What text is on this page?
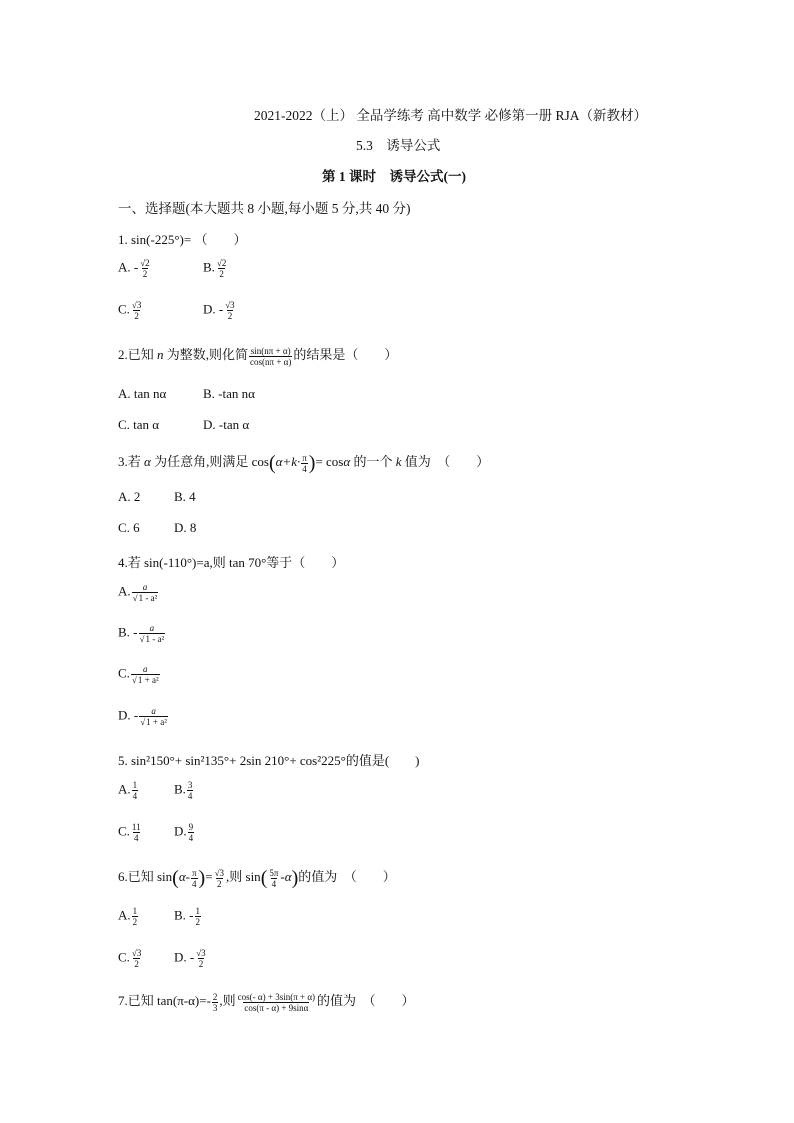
2021-2022（上） 全品学练考 高中数学 必修第一册 RJA（新教材）
5.3　诱导公式
第 1 课时　诱导公式(一)
一、选择题(本大题共 8 小题,每小题 5 分,共 40 分)
1. sin(-225°)= （　　）
A. - $\frac{√2}{2}$	B. $\frac{√2}{2}$
C. $\frac{√3}{2}$	D. - $\frac{√3}{2}$
2.已知 n 为整数,则化简 $\frac{\sin(n\pi + \alpha)}{\cos(n\pi + \alpha)}$ 的结果是（　　）
A. tan nα	B. -tan nα
C. tan α	D. -tan α
3.若 α 为任意角,则满足 $\cos(\alpha+k\cdot \frac{\pi}{4}$ )= cosα 的一个 k 值为　（　　）
A. 2	B. 4
C. 6	D. 8
4.若 sin(-110°)=a,则 tan 70°等于（　　）
A. $\frac{a}{\text{√1 - a²}}$
B. - $\frac{a}{\text{√1 - a²}}$
C. $\frac{a}{\text{√1 + a²}}$
D. - $\frac{a}{\text{√1 + a²}}$
5. sin²150°+ sin²135°+ 2sin 210°+ cos²225°的值是(　　)
A. $\frac{1}{4}$	B. $\frac{3}{4}$
C. $\frac{11}{4} D$. $\frac{9}{4}$
6.已知 $\sin(\alpha- \frac{\pi}{4}$ )= $\frac{√3}{2}$ ,则 $\sin( \frac{5\pi}{4} -\alpha)$的值为　（　　）
A. $\frac{1}{2}$	B. - $\frac{1}{2}$
C. $\frac{√3}{2} D$. - $\frac{√3}{2}$
7.已知 $\tan(\pi-\alpha)=- \frac{2}{3}$ ,则 $\frac{\cos(- \alpha) + 3\sin(\pi + \alpha)}{\cos(\pi - \alpha) + 9\sin\alpha}$ 的值为　（　　）
